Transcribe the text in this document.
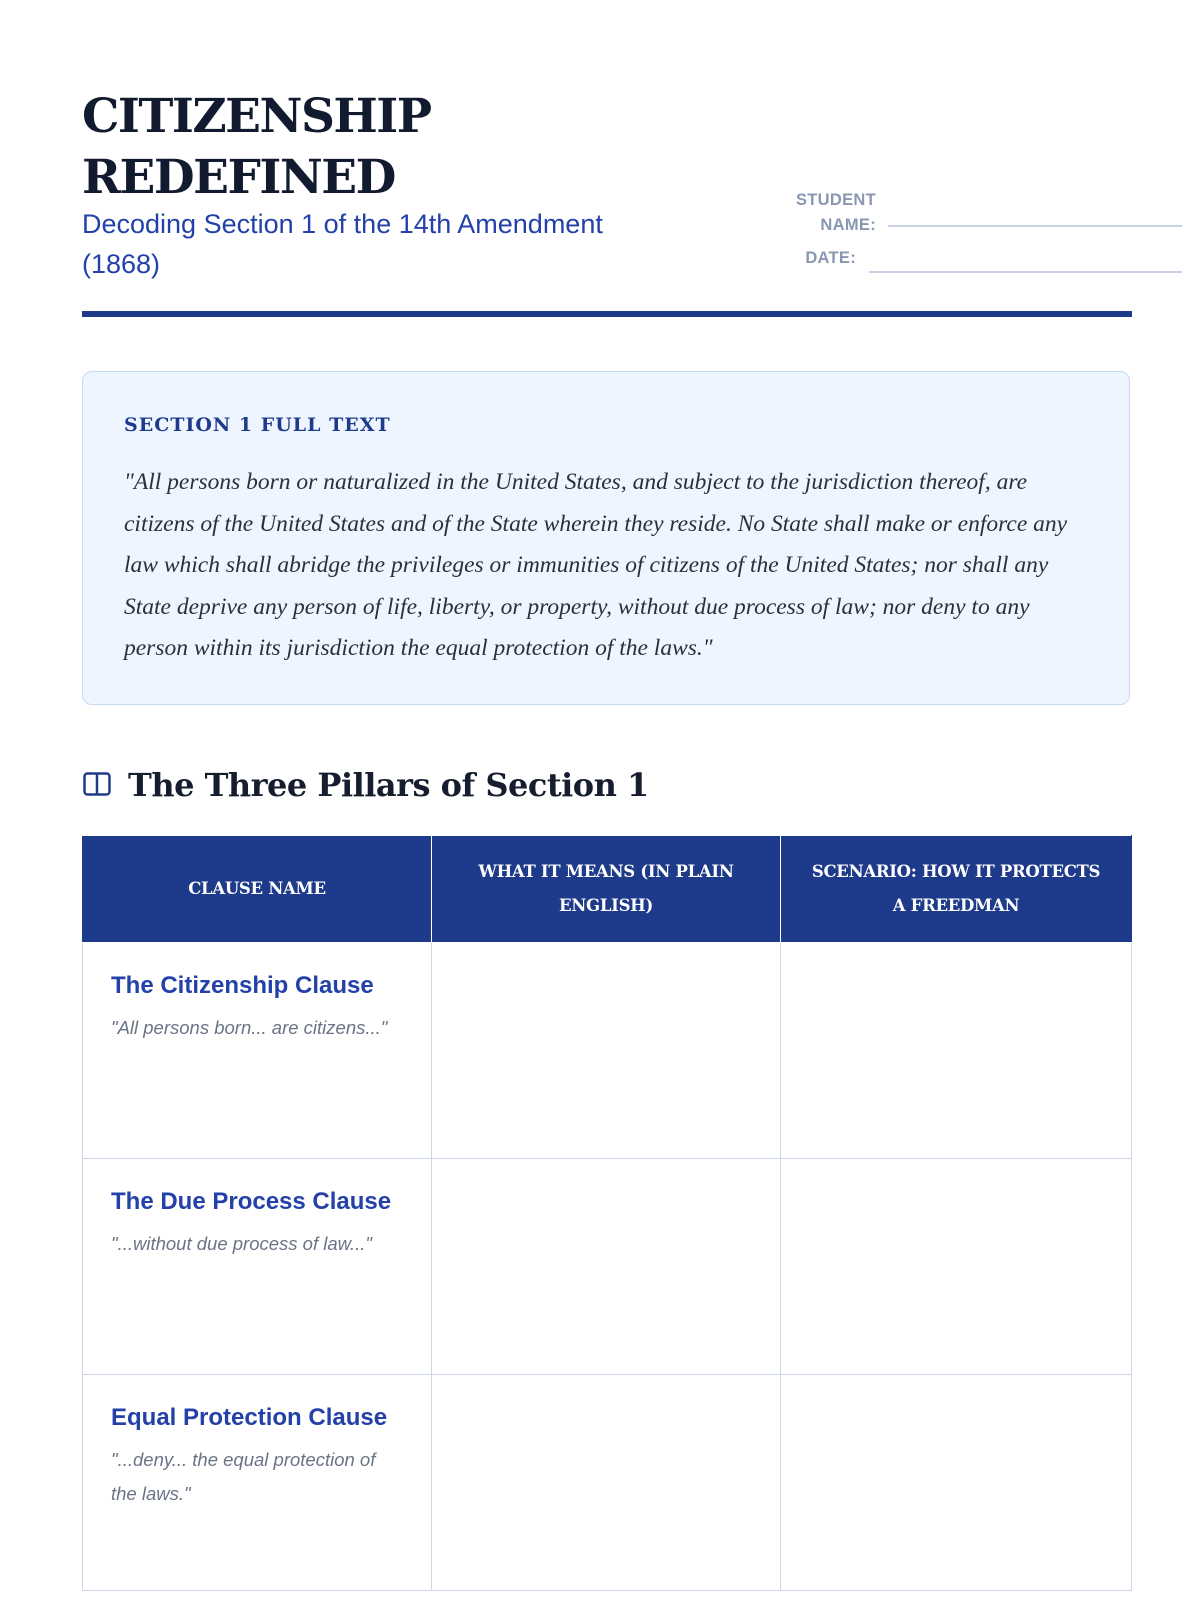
CITIZENSHIP REDEFINED
Decoding Section 1 of the 14th Amendment (1868)
STUDENT
NAME:
DATE:
SECTION 1 FULL TEXT
"All persons born or naturalized in the United States, and subject to the jurisdiction thereof, are citizens of the United States and of the State wherein they reside. No State shall make or enforce any law which shall abridge the privileges or immunities of citizens of the United States; nor shall any State deprive any person of life, liberty, or property, without due process of law; nor deny to any person within its jurisdiction the equal protection of the laws."
The Three Pillars of Section 1
CLAUSE NAME	WHAT IT MEANS (IN PLAIN ENGLISH)	SCENARIO: HOW IT PROTECTS A FREEDMAN

The Citizenship Clause
"All persons born... are citizens..."		

The Due Process Clause
"...without due process of law..."		

Equal Protection Clause
"...deny... the equal protection of the laws."		
